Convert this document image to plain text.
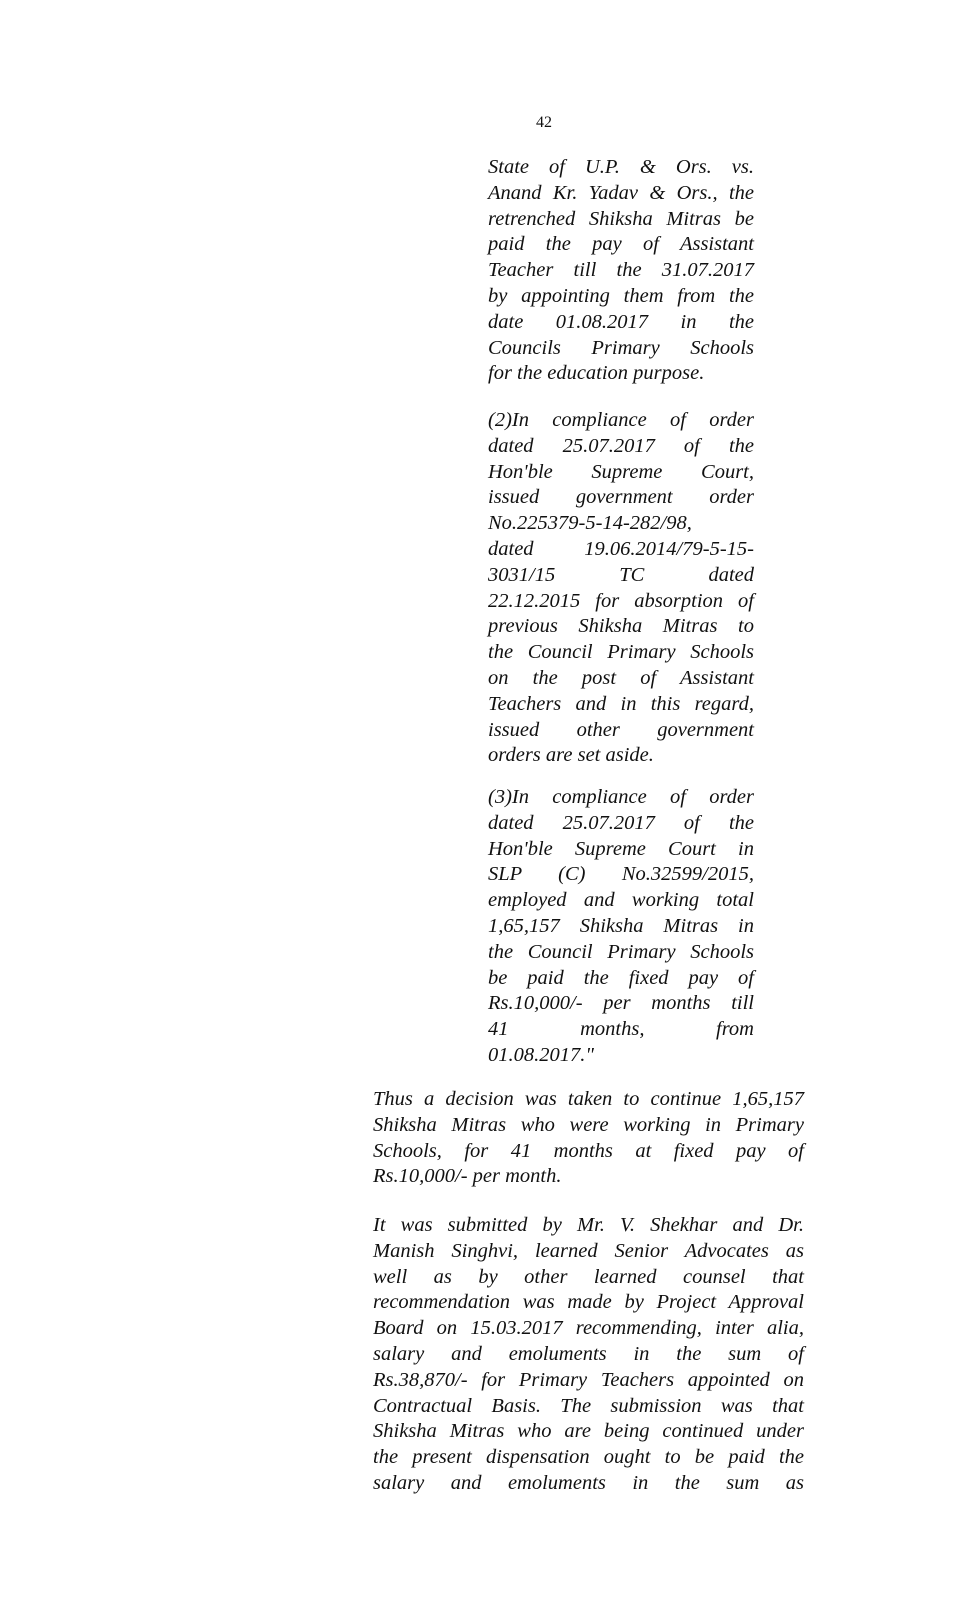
42
State of U.P. & Ors. vs.
Anand Kr. Yadav & Ors., the
retrenched Shiksha Mitras be
paid the pay of Assistant
Teacher till the 31.07.2017
by appointing them from the
date 01.08.2017 in the
Councils Primary Schools
for the education purpose.
(2)In compliance of order
dated 25.07.2017 of the
Hon'ble Supreme Court,
issued government order
No.225379-5-14-282/98,
dated 19.06.2014/79-5-15-
3031/15 TC dated
22.12.2015 for absorption of
previous Shiksha Mitras to
the Council Primary Schools
on the post of Assistant
Teachers and in this regard,
issued other government
orders are set aside.
(3)In compliance of order
dated 25.07.2017 of the
Hon'ble Supreme Court in
SLP (C) No.32599/2015,
employed and working total
1,65,157 Shiksha Mitras in
the Council Primary Schools
be paid the fixed pay of
Rs.10,000/- per months till
41 months, from
01.08.2017."
Thus a decision was taken to continue 1,65,157
Shiksha Mitras who were working in Primary
Schools, for 41 months at fixed pay of
Rs.10,000/- per month.
It was submitted by Mr. V. Shekhar and Dr.
Manish Singhvi, learned Senior Advocates as
well as by other learned counsel that
recommendation was made by Project Approval
Board on 15.03.2017 recommending, inter alia,
salary and emoluments in the sum of
Rs.38,870/- for Primary Teachers appointed on
Contractual Basis. The submission was that
Shiksha Mitras who are being continued under
the present dispensation ought to be paid the
salary and emoluments in the sum as
